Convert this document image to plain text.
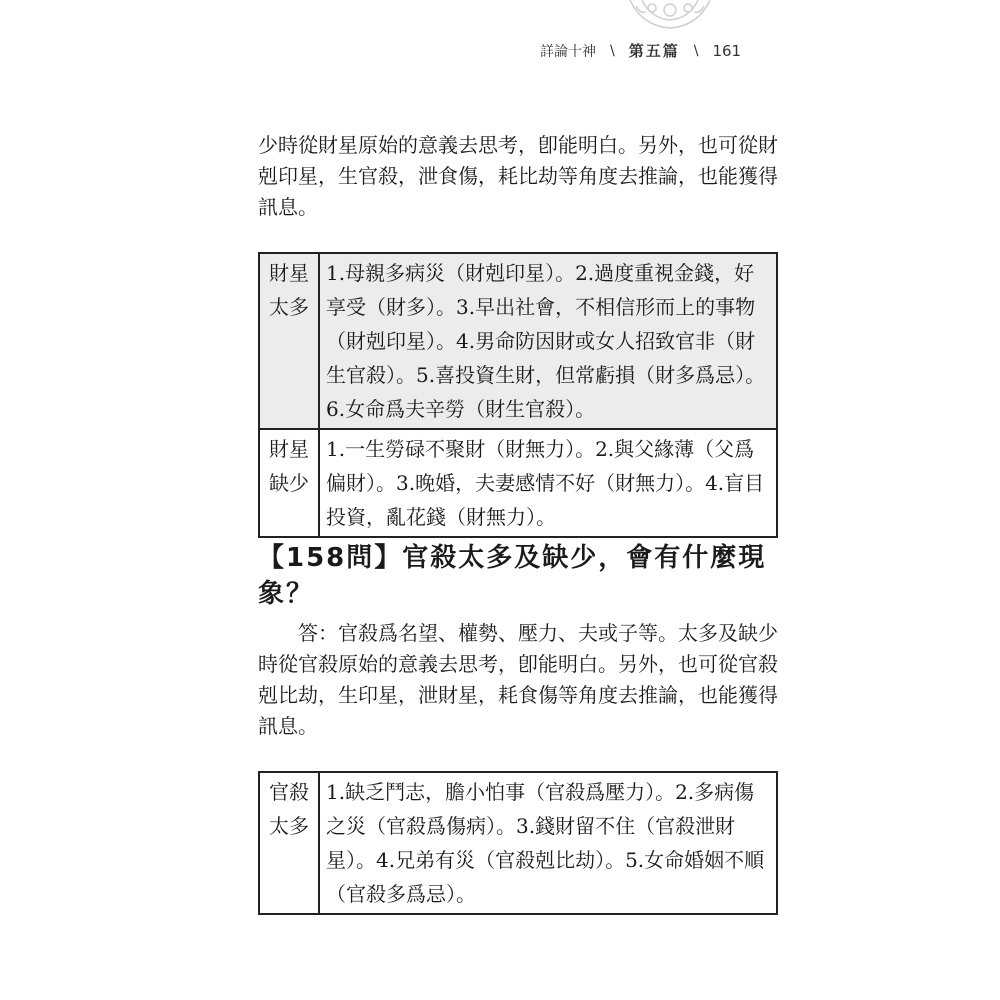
詳論十神 \ 第五篇 \ 161

少時從財星原始的意義去思考，卽能明白。另外，也可從財剋印星，生官殺，泄食傷，耗比劫等角度去推論，也能獲得訊息。

財星太多	1.母親多病災（財剋印星）。2.過度重視金錢，好享受（財多）。3.早出社會，不相信形而上的事物（財剋印星）。4.男命防因財或女人招致官非（財生官殺）。5.喜投資生財，但常虧損（財多爲忌）。6.女命爲夫辛勞（財生官殺）。
財星缺少	1.一生勞碌不聚財（財無力）。2.與父緣薄（父爲偏財）。3.晚婚，夫妻感情不好（財無力）。4.盲目投資，亂花錢（財無力）。
【158問】官殺太多及缺少，會有什麼現象？

答：官殺爲名望、權勢、壓力、夫或子等。太多及缺少時從官殺原始的意義去思考，卽能明白。另外，也可從官殺剋比劫，生印星，泄財星，耗食傷等角度去推論，也能獲得訊息。

官殺太多	1.缺乏鬥志，膽小怕事（官殺爲壓力）。2.多病傷之災（官殺爲傷病）。3.錢財留不住（官殺泄財星）。4.兄弟有災（官殺剋比劫）。5.女命婚姻不順（官殺多爲忌）。
